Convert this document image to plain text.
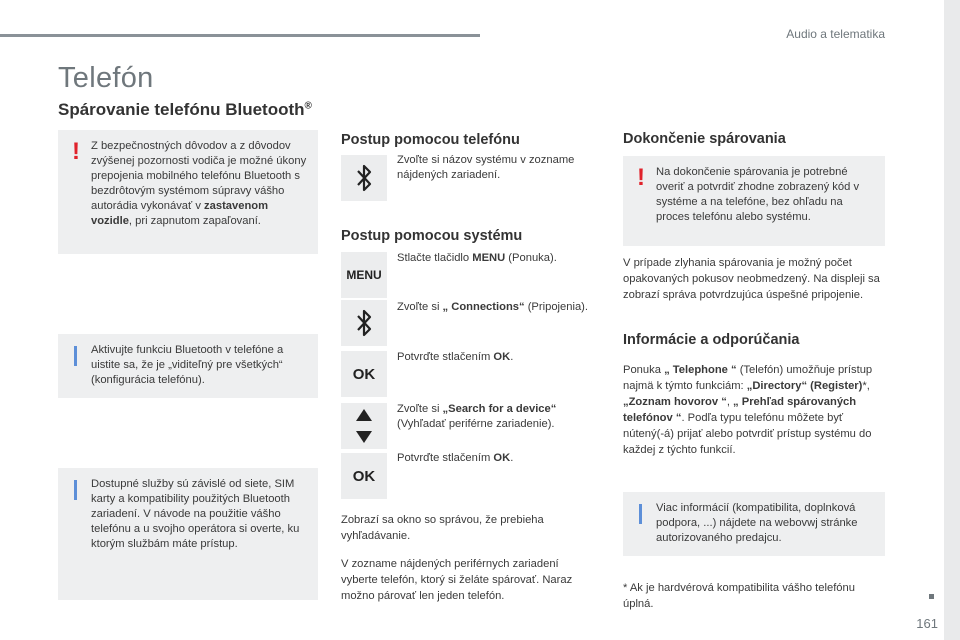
Audio a telematika
161
Telefón
Spárovanie telefónu Bluetooth®
! Z bezpečnostných dôvodov a z dôvodov zvýšenej pozornosti vodiča je možné úkony prepojenia mobilného telefónu Bluetooth s bezdrôtovým systémom súpravy vášho autorádia vykonávať v zastavenom vozidle, pri zapnutom zapaľovaní.
Aktivujte funkciu Bluetooth v telefóne a uistite sa, že je „viditeľný pre všetkých“ (konfigurácia telefónu).
Dostupné služby sú závislé od siete, SIM karty a kompatibility použitých Bluetooth zariadení. V návode na použitie vášho telefónu a u svojho operátora si overte, ku ktorým službám máte prístup.
Postup pomocou telefónu
Zvoľte si názov systému v zozname nájdených zariadení.
Postup pomocou systému
MENU
Stlačte tlačidlo MENU (Ponuka).
Zvoľte si „ Connections“ (Pripojenia).
OK
Potvrďte stlačením OK.
Zvoľte si „Search for a device“ (Vyhľadať periférne zariadenie).
OK
Potvrďte stlačením OK.
Zobrazí sa okno so správou, že prebieha vyhľadávanie.
V zozname nájdených periférnych zariadení vyberte telefón, ktorý si želáte spárovať. Naraz možno párovať len jeden telefón.
Dokončenie spárovania
! Na dokončenie spárovania je potrebné overiť a potvrdiť zhodne zobrazený kód v systéme a na telefóne, bez ohľadu na proces telefónu alebo systému.
V prípade zlyhania spárovania je možný počet opakovaných pokusov neobmedzený. Na displeji sa zobrazí správa potvrdzujúca úspešné pripojenie.
Informácie a odporúčania
Ponuka „ Telephone “ (Telefón) umožňuje prístup najmä k týmto funkciám: „Directory“ (Register)*, „Zoznam hovorov “, „ Prehľad spárovaných telefónov “. Podľa typu telefónu môžete byť nútený(-á) prijať alebo potvrdiť prístup systému do každej z týchto funkcií.
Viac informácií (kompatibilita, doplnková podpora, ...) nájdete na webovwj stránke autorizovaného predajcu.
* Ak je hardvérová kompatibilita vášho telefónu úplná.
